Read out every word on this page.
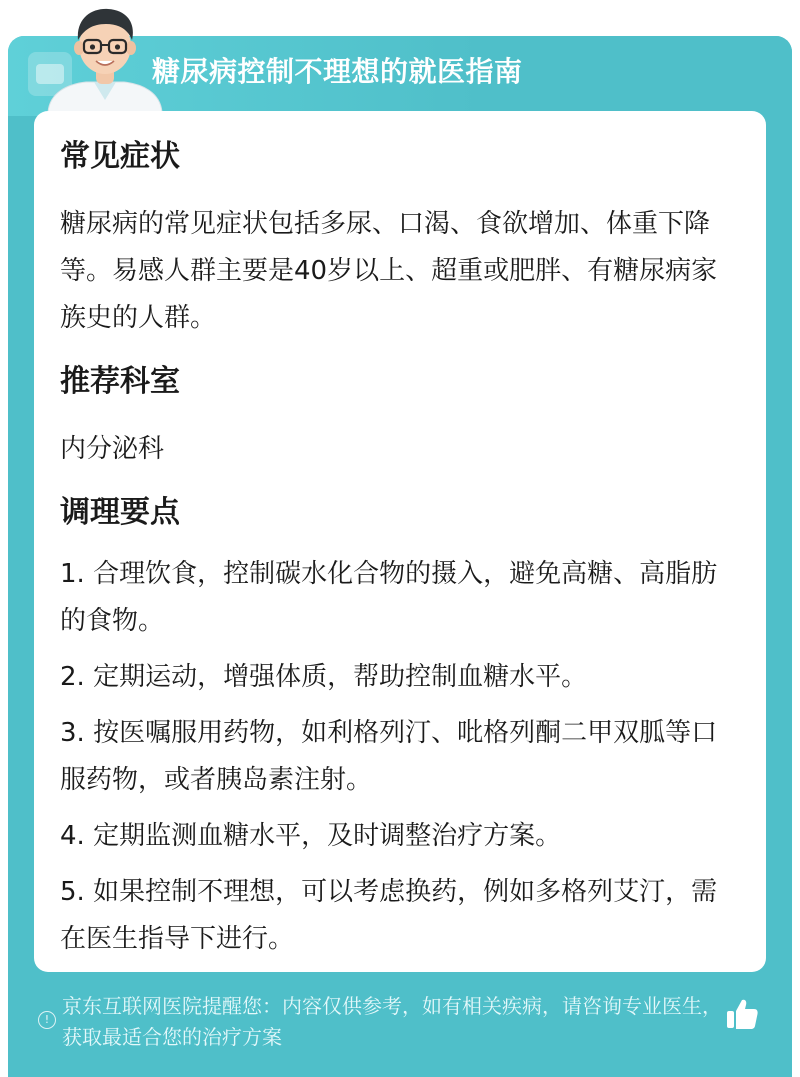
糖尿病控制不理想的就医指南
常见症状

糖尿病的常见症状包括多尿、口渴、食欲增加、体重下降等。易感人群主要是40岁以上、超重或肥胖、有糖尿病家族史的人群。

推荐科室

内分泌科

调理要点

1. 合理饮食，控制碳水化合物的摄入，避免高糖、高脂肪的食物。

2. 定期运动，增强体质，帮助控制血糖水平。

3. 按医嘱服用药物，如利格列汀、吡格列酮二甲双胍等口服药物，或者胰岛素注射。

4. 定期监测血糖水平，及时调整治疗方案。

5. 如果控制不理想，可以考虑换药，例如多格列艾汀，需在医生指导下进行。

!
京东互联网医院提醒您：内容仅供参考，如有相关疾病，请咨询专业医生，获取最适合您的治疗方案
